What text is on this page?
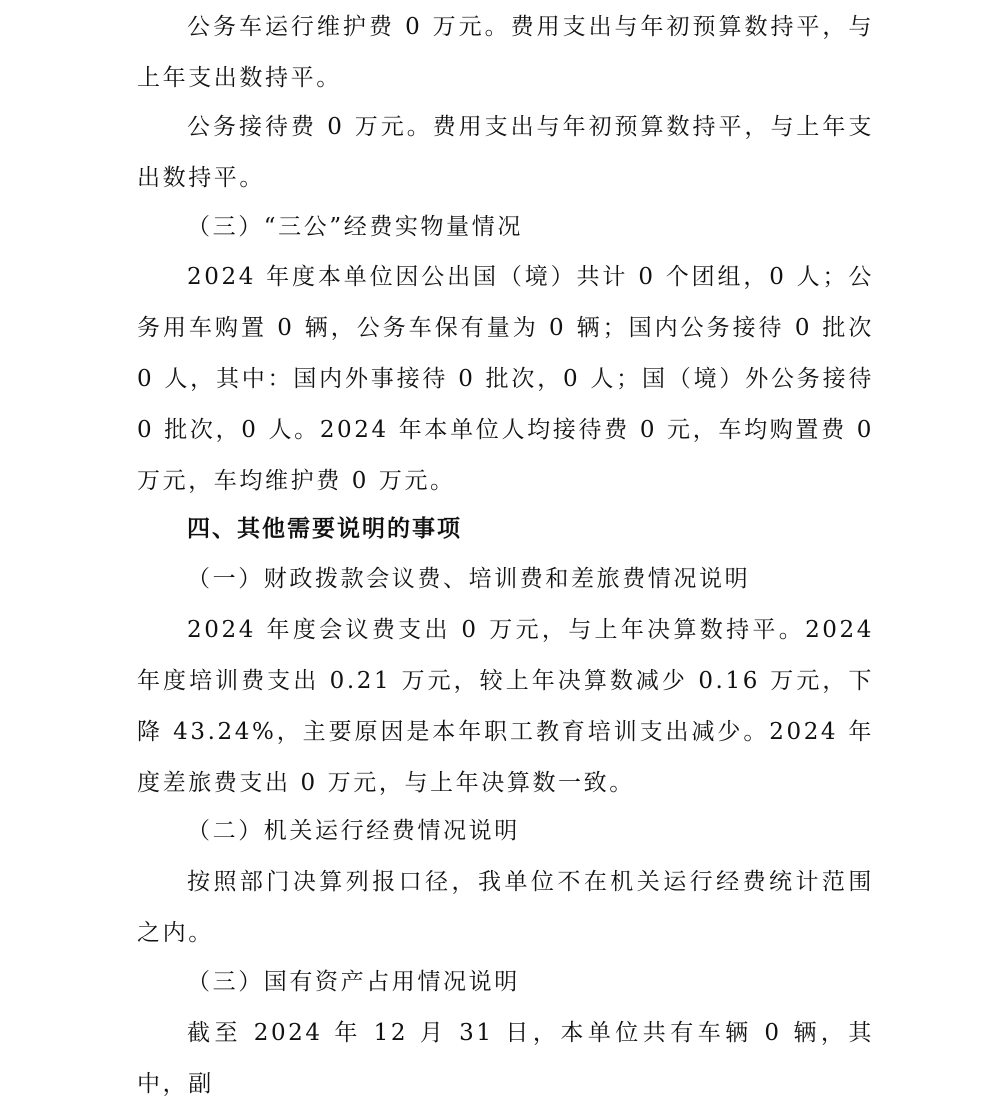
公务车运行维护费 0 万元。费用支出与年初预算数持平，与上年支出数持平。

公务接待费 0 万元。费用支出与年初预算数持平，与上年支出数持平。

（三）“三公”经费实物量情况

2024 年度本单位因公出国（境）共计 0 个团组，0 人；公务用车购置 0 辆，公务车保有量为 0 辆；国内公务接待 0 批次 0 人，其中：国内外事接待 0 批次，0 人；国（境）外公务接待 0 批次，0 人。2024 年本单位人均接待费 0 元，车均购置费 0 万元，车均维护费 0 万元。

四、其他需要说明的事项

（一）财政拨款会议费、培训费和差旅费情况说明

2024 年度会议费支出 0 万元，与上年决算数持平。2024 年度培训费支出 0.21 万元，较上年决算数减少 0.16 万元，下降 43.24%，主要原因是本年职工教育培训支出减少。2024 年度差旅费支出 0 万元，与上年决算数一致。

（二）机关运行经费情况说明

按照部门决算列报口径，我单位不在机关运行经费统计范围之内。

（三）国有资产占用情况说明

截至 2024 年 12 月 31 日，本单位共有车辆 0 辆，其中，副
